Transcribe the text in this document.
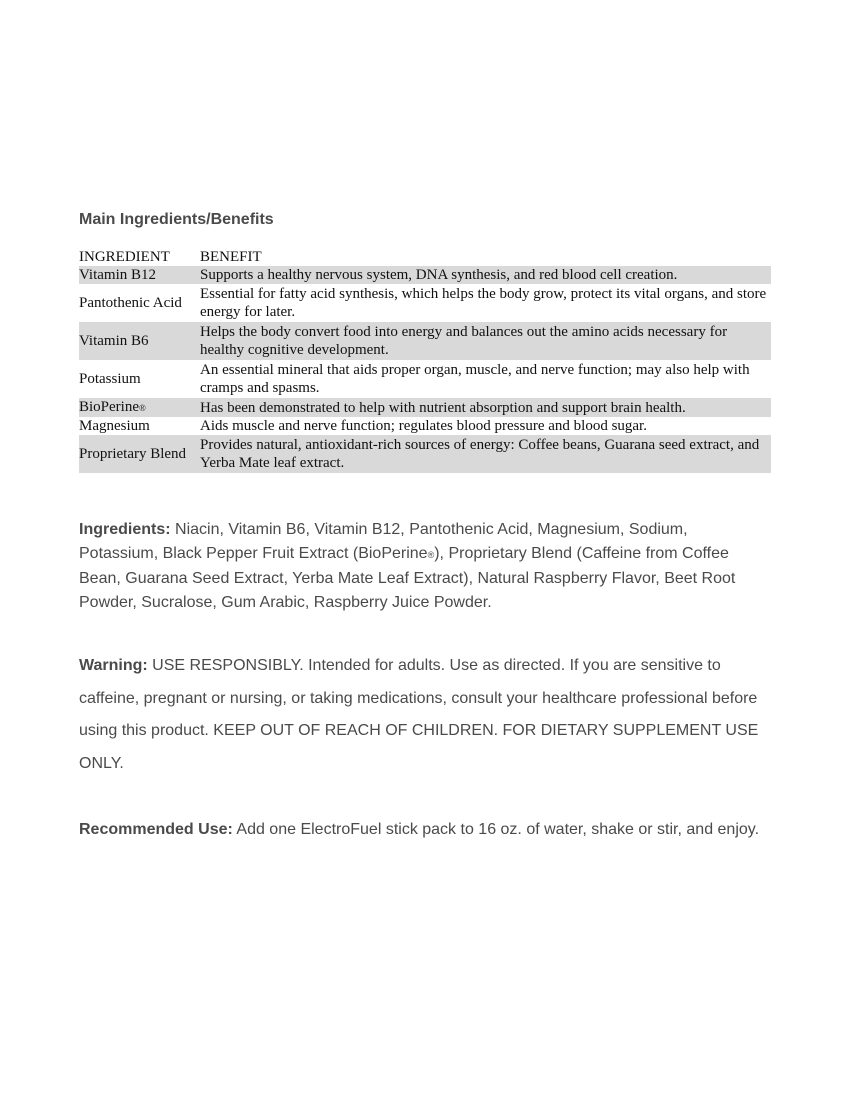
Main Ingredients/Benefits
INGREDIENT	BENEFIT
Vitamin B12	Supports a healthy nervous system, DNA synthesis, and red blood cell creation.
Pantothenic Acid	Essential for fatty acid synthesis, which helps the body grow, protect its vital organs, and store energy for later.
Vitamin B6	Helps the body convert food into energy and balances out the amino acids necessary for healthy cognitive development.
Potassium	An essential mineral that aids proper organ, muscle, and nerve function; may also help with cramps and spasms.
BioPerine®	Has been demonstrated to help with nutrient absorption and support brain health.
Magnesium	Aids muscle and nerve function; regulates blood pressure and blood sugar.
Proprietary Blend	Provides natural, antioxidant-rich sources of energy: Coffee beans, Guarana seed extract, and Yerba Mate leaf extract.
Ingredients: Niacin, Vitamin B6, Vitamin B12, Pantothenic Acid, Magnesium, Sodium, Potassium, Black Pepper Fruit Extract (BioPerine®), Proprietary Blend (Caffeine from Coffee Bean, Guarana Seed Extract, Yerba Mate Leaf Extract), Natural Raspberry Flavor, Beet Root Powder, Sucralose, Gum Arabic, Raspberry Juice Powder.
Warning: USE RESPONSIBLY. Intended for adults. Use as directed. If you are sensitive to caffeine, pregnant or nursing, or taking medications, consult your healthcare professional before using this product. KEEP OUT OF REACH OF CHILDREN. FOR DIETARY SUPPLEMENT USE ONLY.
Recommended Use: Add one ElectroFuel stick pack to 16 oz. of water, shake or stir, and enjoy.
